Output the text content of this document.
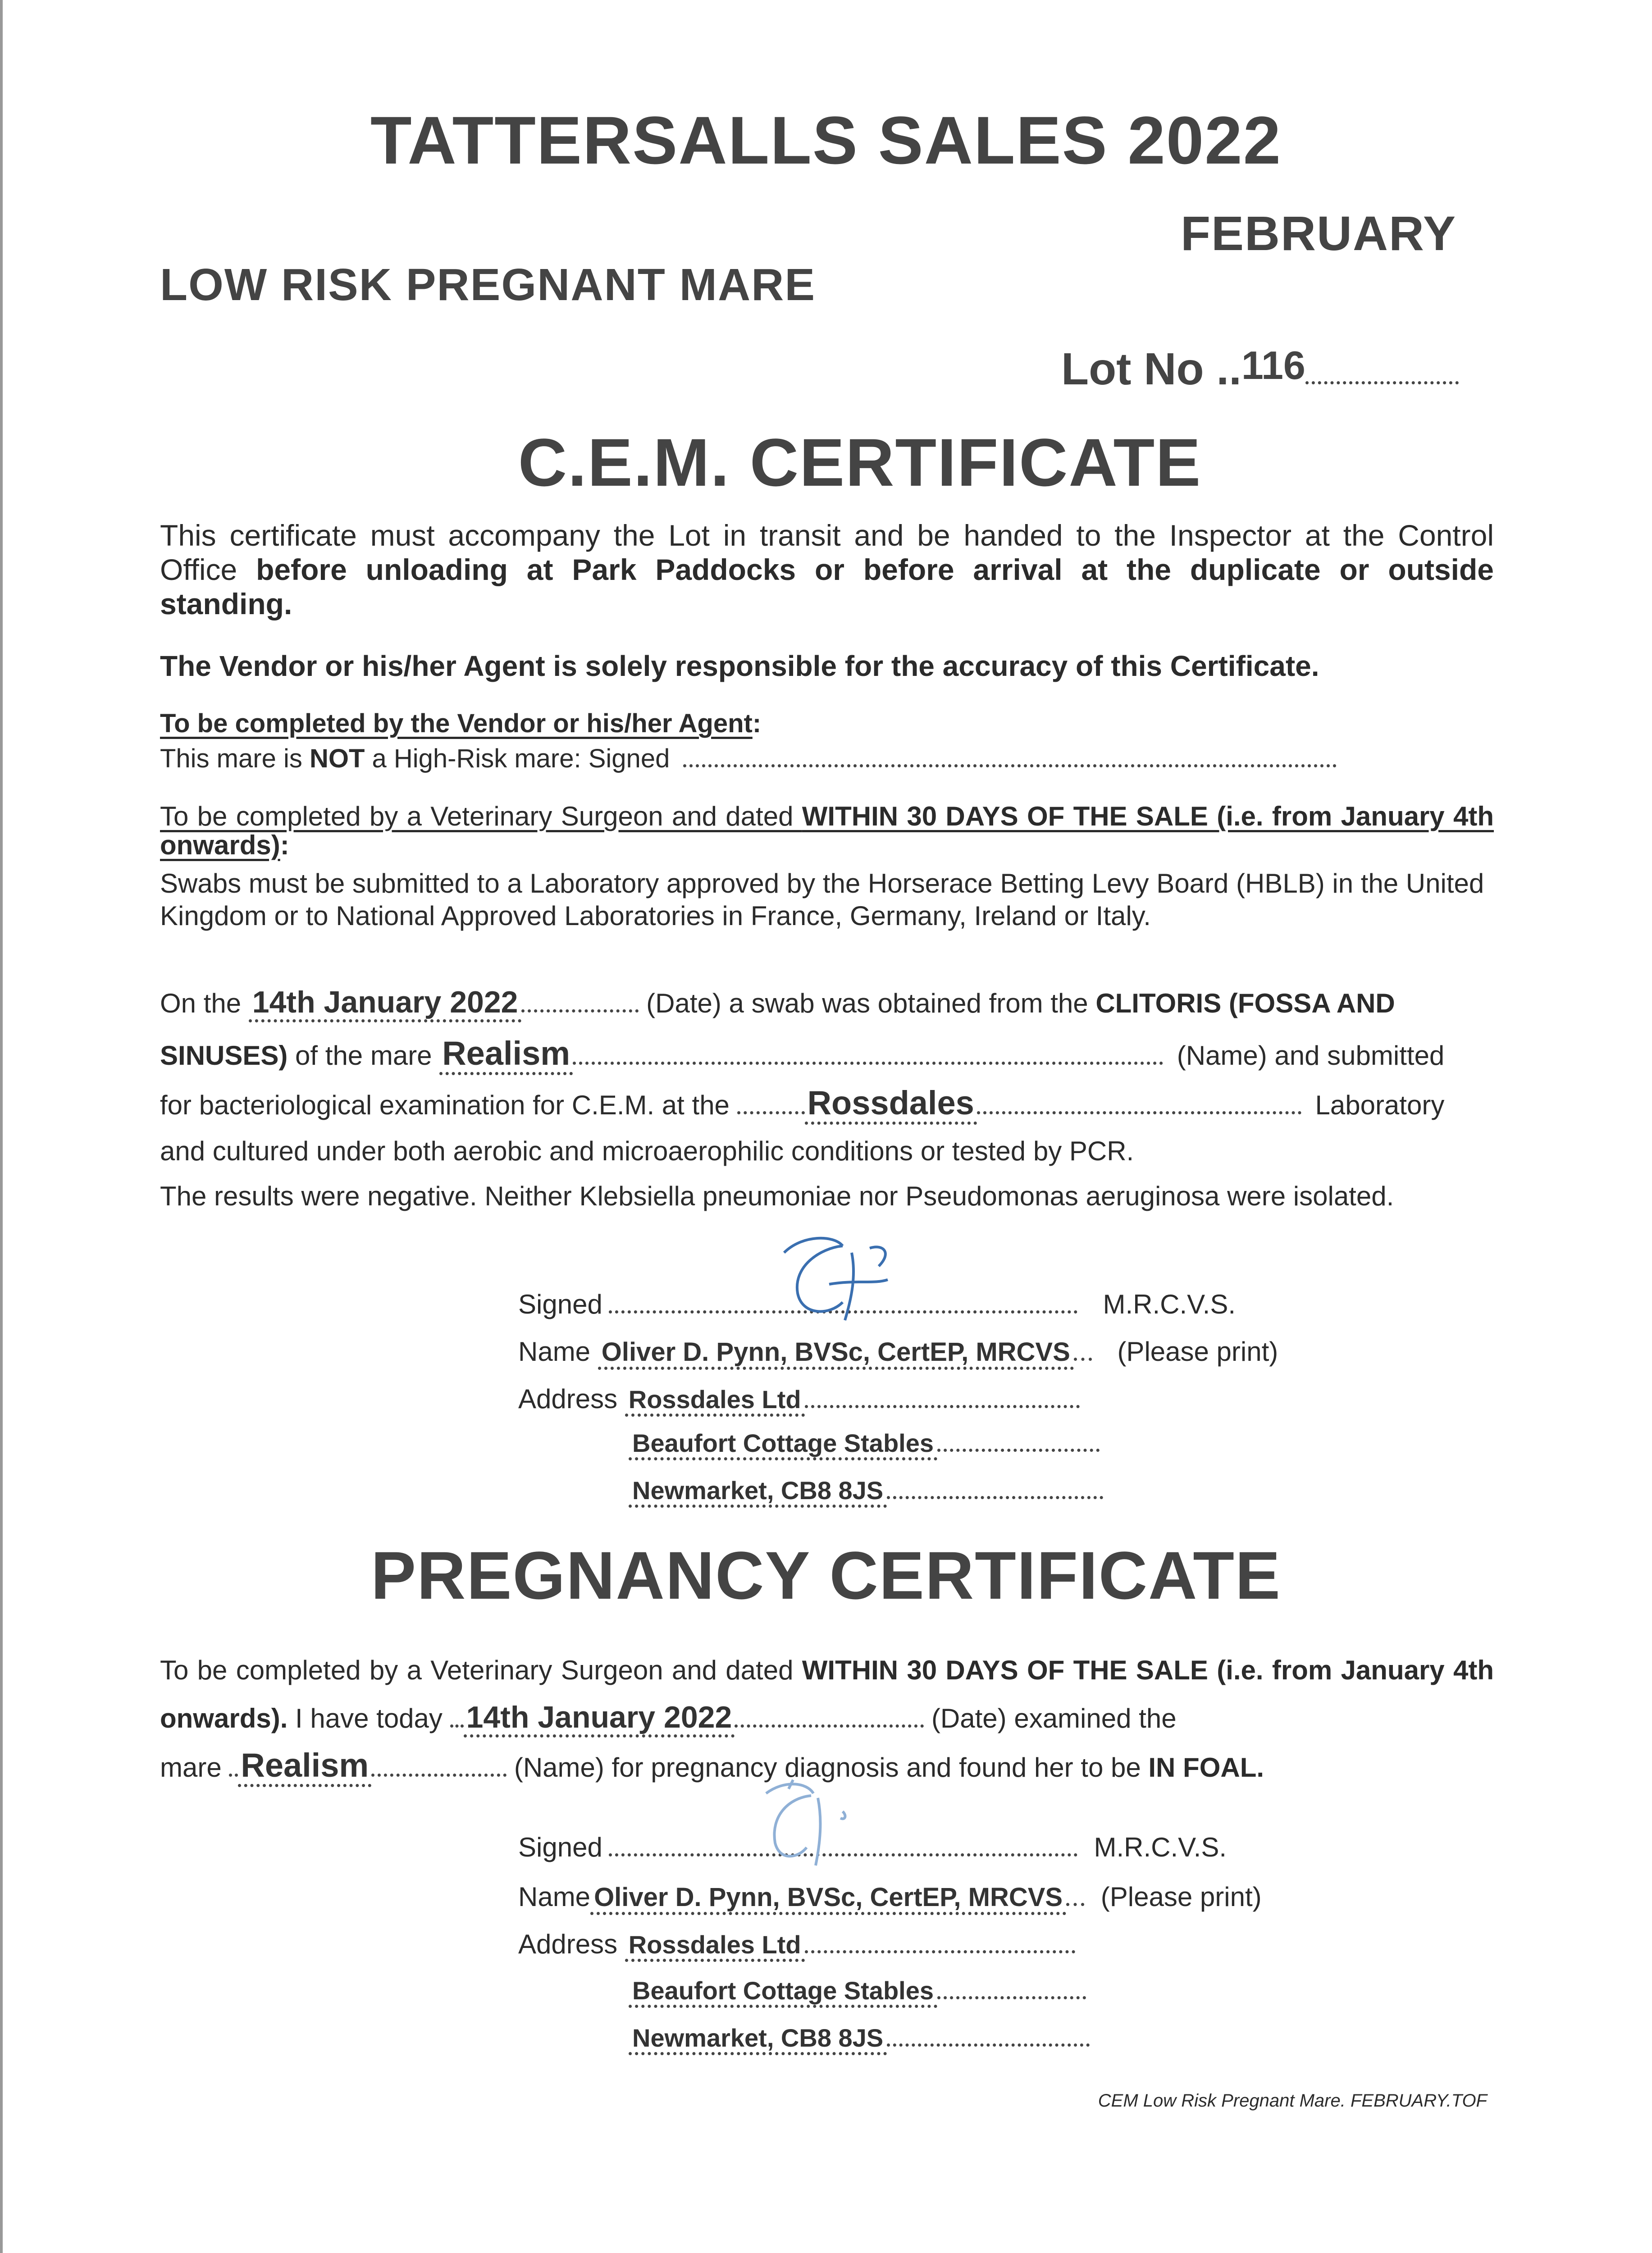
TATTERSALLS SALES 2022
FEBRUARY
LOW RISK PREGNANT MARE
Lot No ..116
C.E.M. CERTIFICATE
This certificate must accompany the Lot in transit and be handed to the Inspector at the Control Office before unloading at Park Paddocks or before arrival at the duplicate or outside standing.
The Vendor or his/her Agent is solely responsible for the accuracy of this Certificate.
To be completed by the Vendor or his/her Agent:
This mare is NOT a High-Risk mare: Signed
To be completed by a Veterinary Surgeon and dated WITHIN 30 DAYS OF THE SALE (i.e. from January 4th onwards):
Swabs must be submitted to a Laboratory approved by the Horserace Betting Levy Board (HBLB) in the United Kingdom or to National Approved Laboratories in France, Germany, Ireland or Italy.
On the 14th January 2022	(Date) a swab was obtained from the CLITORIS (FOSSA AND
SINUSES) of the mare Realism	(Name) and submitted
for bacteriological examination for C.E.M. at the Rossdales	Laboratory
and cultured under both aerobic and microaerophilic conditions or tested by PCR.
The results were negative. Neither Klebsiella pneumoniae nor Pseudomonas aeruginosa were isolated.
Signed	M.R.C.V.S.
Name Oliver D. Pynn, BVSc, CertEP, MRCVS (Please print)
Address Rossdales Ltd
Beaufort Cottage Stables
Newmarket, CB8 8JS
PREGNANCY CERTIFICATE
To be completed by a Veterinary Surgeon and dated WITHIN 30 DAYS OF THE SALE (i.e. from January 4th onwards). I have today 14th January 2022	(Date) examined the
mare Realism	(Name) for pregnancy diagnosis and found her to be IN FOAL.
Signed	M.R.C.V.S.
Name Oliver D. Pynn, BVSc, CertEP, MRCVS (Please print)
Address Rossdales Ltd
Beaufort Cottage Stables
Newmarket, CB8 8JS
CEM Low Risk Pregnant Mare. FEBRUARY.TOF
